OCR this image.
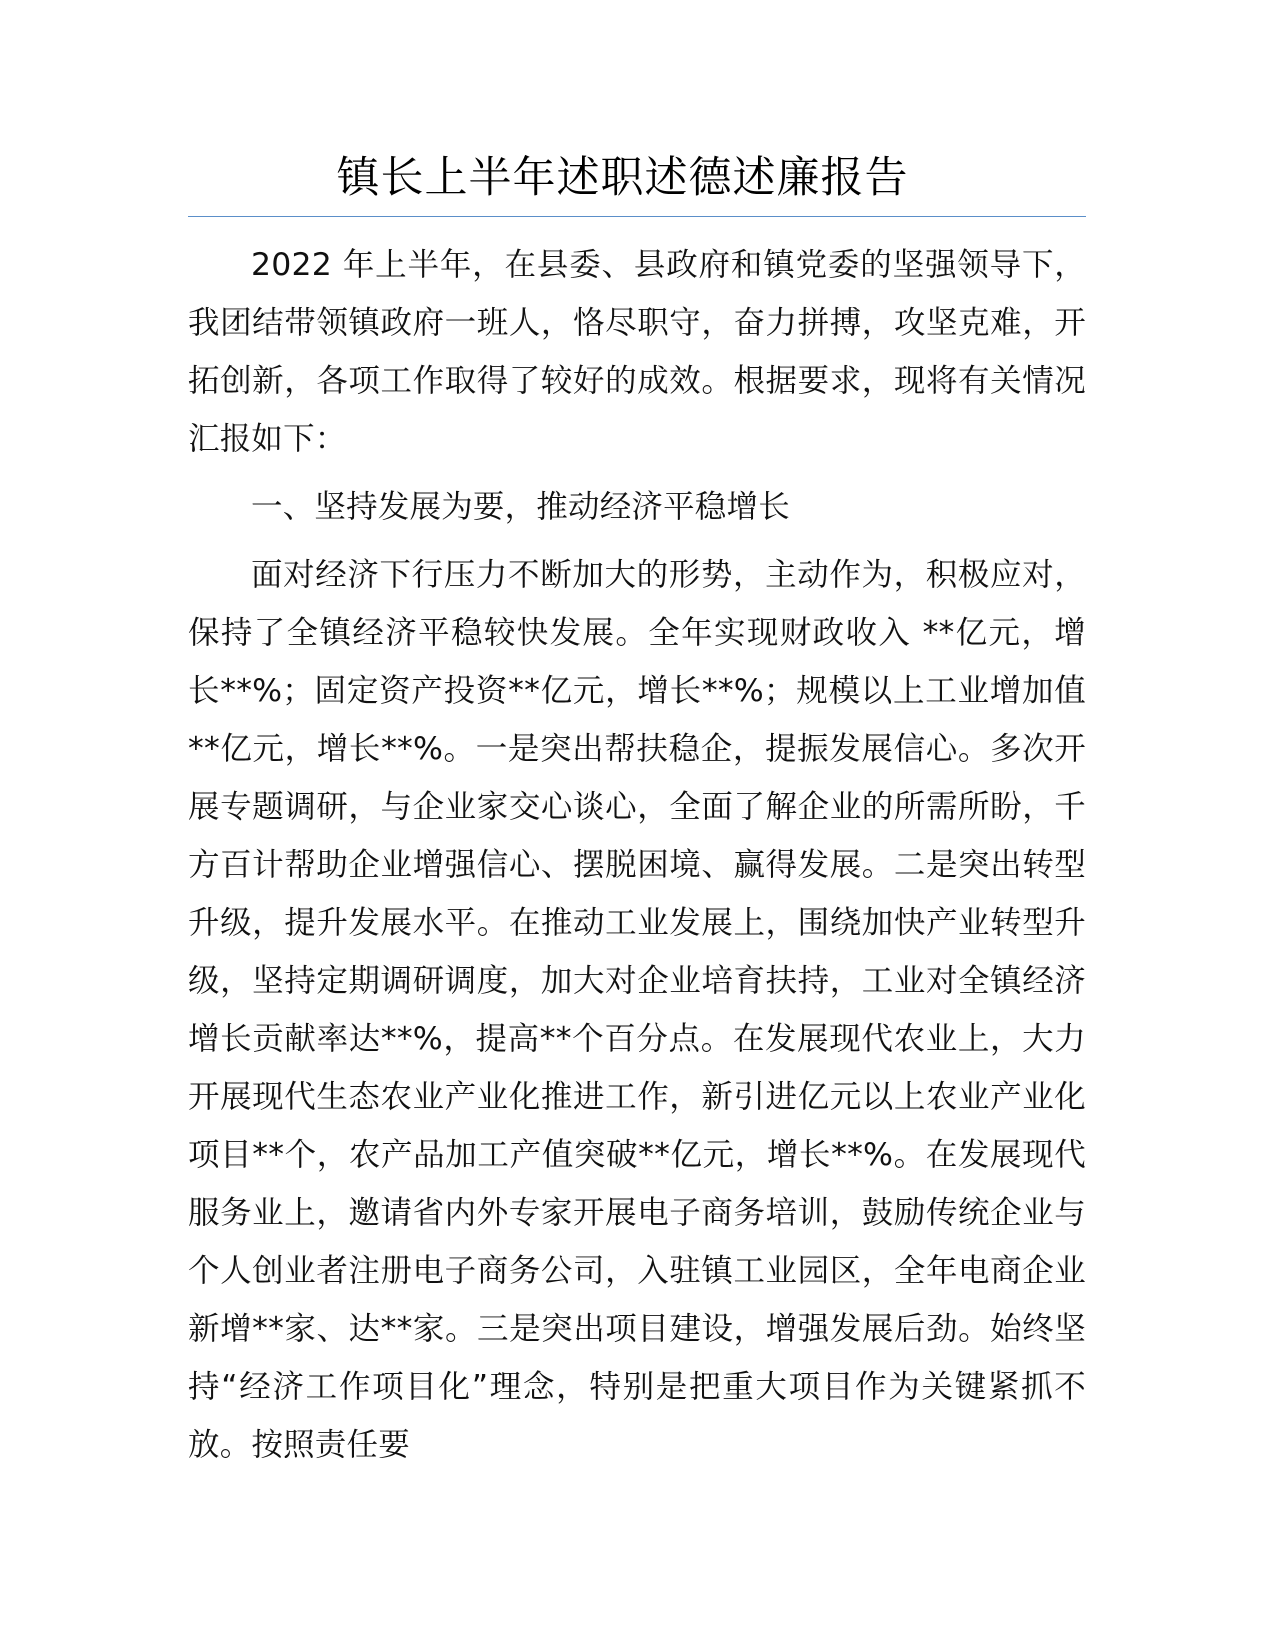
镇长上半年述职述德述廉报告

2022 年上半年，在县委、县政府和镇党委的坚强领导下，我团结带领镇政府一班人，恪尽职守，奋力拼搏，攻坚克难，开拓创新，各项工作取得了较好的成效。根据要求，现将有关情况汇报如下：

一、坚持发展为要，推动经济平稳增长

面对经济下行压力不断加大的形势，主动作为，积极应对，保持了全镇经济平稳较快发展。全年实现财政收入 **亿元，增长**%；固定资产投资**亿元，增长**%；规模以上工业增加值**亿元，增长**%。一是突出帮扶稳企，提振发展信心。多次开展专题调研，与企业家交心谈心，全面了解企业的所需所盼，千方百计帮助企业增强信心、摆脱困境、赢得发展。二是突出转型升级，提升发展水平。在推动工业发展上，围绕加快产业转型升级，坚持定期调研调度，加大对企业培育扶持，工业对全镇经济增长贡献率达**%，提高**个百分点。在发展现代农业上，大力开展现代生态农业产业化推进工作，新引进亿元以上农业产业化项目**个，农产品加工产值突破**亿元，增长**%。在发展现代服务业上，邀请省内外专家开展电子商务培训，鼓励传统企业与个人创业者注册电子商务公司，入驻镇工业园区，全年电商企业新增**家、达**家。三是突出项目建设，增强发展后劲。始终坚持“经济工作项目化”理念，特别是把重大项目作为关键紧抓不放。按照责任要
